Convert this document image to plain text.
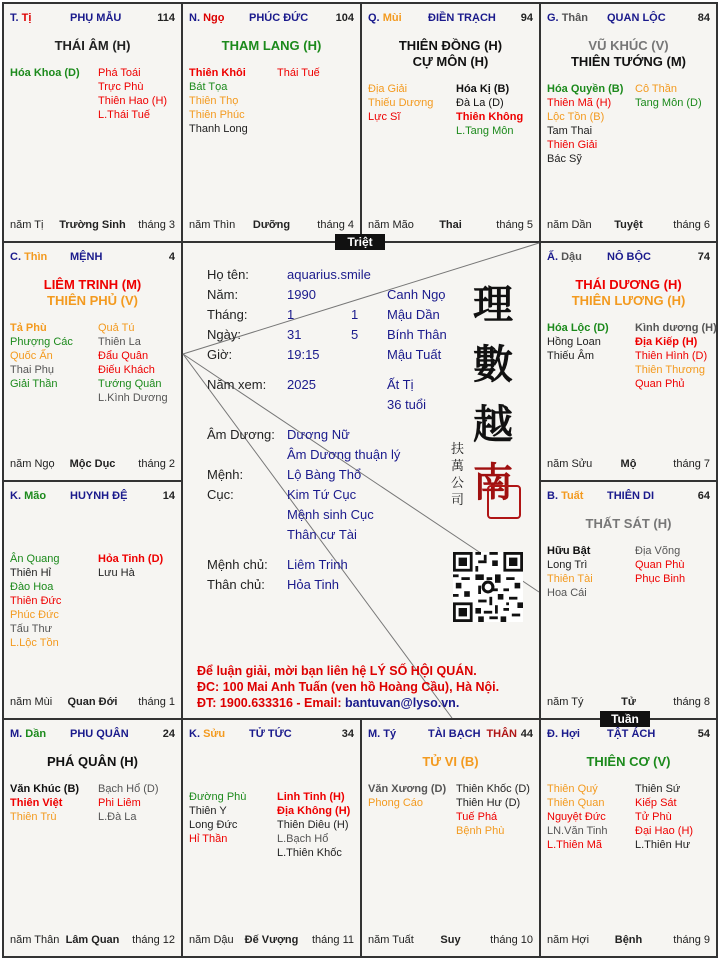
T. Tị	PHỤ MẪU	114
THÁI ÂM (H)
Hóa Khoa (D) Phá Toái
Trực Phù
Thiên Hao (H)
L.Thái Tuế
năm Tị	Trường Sinh	tháng 3
N. Ngọ PHÚC ĐỨC 104
THAM LANG (H)
Thiên Khôi
Bát Tọa
Thiên Thọ
Thiên Phúc
Thanh Long
Thái Tuế
năm Thìn	Dưỡng	tháng 4
Q. Mùi ĐIỀN TRẠCH 94
THIÊN ĐỒNG (H)
CỰ MÔN (H)
Địa Giải
Thiếu Dương
Lực Sĩ
Hóa Kị (B)
Đà La (D)
Thiên Không
L.Tang Môn
năm Mão	Thai	tháng 5
G. Thân QUAN LỘC	84
VŨ KHÚC (V)
THIÊN TƯỚNG (M)
Hóa Quyền (B)
Thiên Mã (H)
Lộc Tồn (B)
Tam Thai
Thiên Giải
Bác Sỹ
Cô Thần
Tang Môn (D)
năm Dần	Tuyệt	tháng 6
C. Thìn MỆNH	4
LIÊM TRINH (M)
THIÊN PHỦ (V)
Tả Phù
Phượng Các
Quốc Ấn
Thai Phụ
Giải Thần
Quả Tú
Thiên La
Đẩu Quân
Điếu Khách
Tướng Quân
L.Kình Dương
năm Ngọ	Mộc Dục	tháng 2
Ấ. Dậu NÔ BỘC	74
THÁI DƯƠNG (H)
THIÊN LƯƠNG (H)
Hóa Lộc (D)
Hồng Loan
Thiếu Âm
Kình dương (H)
Địa Kiếp (H)
Thiên Hình (D)
Thiên Thương
Quan Phủ
năm Sửu	Mộ	tháng 7
K. Mão HUYNH ĐỆ	14
Ân Quang
Thiên Hỉ
Đào Hoa
Thiên Đức
Phúc Đức
Tấu Thư
L.Lộc Tồn
Hỏa Tinh (D)
Lưu Hà
năm Mùi	Quan Đới	tháng 1
B. Tuất THIÊN DI	64
THẤT SÁT (H)
Hữu Bật
Long Trì
Thiên Tài
Hoa Cái
Địa Võng
Quan Phù
Phục Binh
năm Tý	Tử	tháng 8
M. Dần PHU QUÂN	24
PHÁ QUÂN (H)
Văn Khúc (B)
Thiên Việt
Thiên Trù
Bạch Hổ (D)
Phi Liêm
L.Đà La
năm Thân Lâm Quan	tháng 12
K. Sửu TỬ TỨC	34
Đường Phù
Thiên Y
Long Đức
Hỉ Thần
Linh Tinh (H)
Địa Không (H)
Thiên Diêu (H)
L.Bạch Hổ
L.Thiên Khốc
năm Dậu	Đế Vượng	tháng 11
M. Tý	TÀI BẠCH THÂN 44
TỬ VI (B)
Văn Xương (D)
Phong Cáo
Thiên Khốc (D)
Thiên Hư (D)
Tuế Phá
Bệnh Phù
năm Tuất	Suy	tháng 10
Đ. Hợi TẬT ÁCH	54
THIÊN CƠ (V)
Thiên Quý
Thiên Quan
Nguyệt Đức
LN.Văn Tinh
L.Thiên Mã
Thiên Sứ
Kiếp Sát
Tử Phù
Đại Hao (H)
L.Thiên Hư
năm Hợi	Bệnh	tháng 9
Triệt
Tuần
Họ tên:	aquarius.smile
Năm:	1990	Canh Ngọ
Tháng:	1	1 Mậu Dần
Ngày:	31	5 Bính Thân
Giờ:	19:15	Mậu Tuất
Năm xem: 2025	Ất Tị
36 tuổi
Âm Dương: Dương Nữ
Âm Dương thuận lý
Mệnh:	Lộ Bàng Thổ
Cục:	Kim Tứ Cục
Mệnh sinh Cục
Thân cư Tài
Mệnh chủ: Liêm Trinh
Thân chủ: Hỏa Tinh
理
數
越
南
扶萬公司
Để luận giải, mời bạn liên hệ LÝ SỐ HỘI QUÁN.
ĐC: 100 Mai Anh Tuấn (ven hồ Hoàng Cầu), Hà Nội.
ĐT: 1900.633316 - Email: bantuvan@lyso.vn.
